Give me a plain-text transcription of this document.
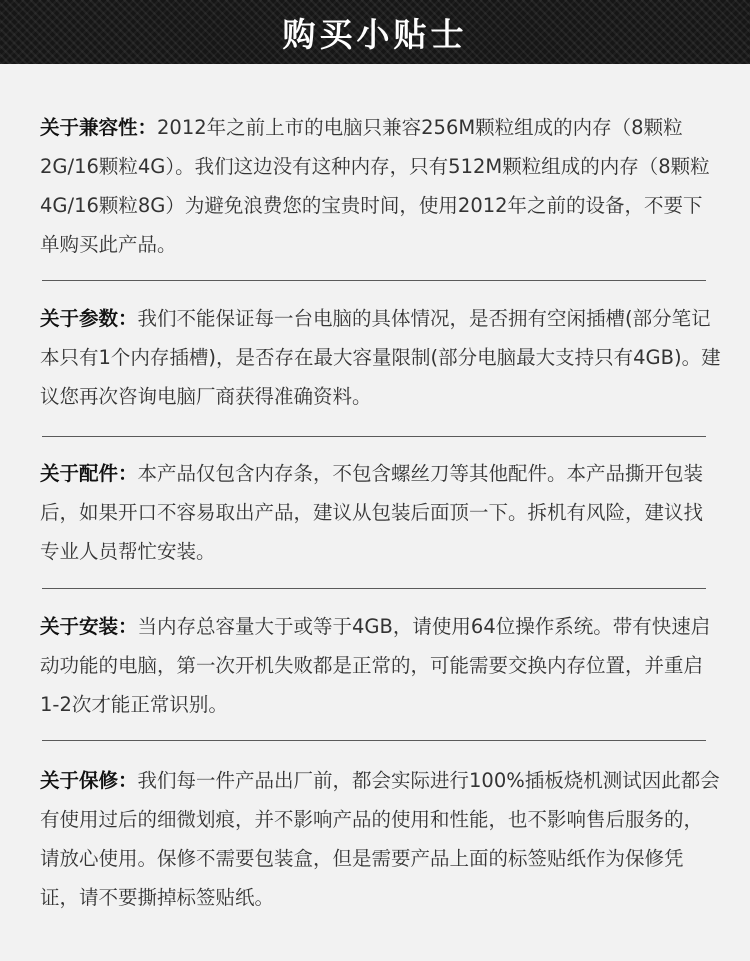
购买小贴士
关于兼容性：2012年之前上市的电脑只兼容256M颗粒组成的内存（8颗粒2G/16颗粒4G）。我们这边没有这种内存，只有512M颗粒组成的内存（8颗粒4G/16颗粒8G）为避免浪费您的宝贵时间，使用2012年之前的设备，不要下单购买此产品。
关于参数：我们不能保证每一台电脑的具体情况，是否拥有空闲插槽(部分笔记本只有1个内存插槽)，是否存在最大容量限制(部分电脑最大支持只有4GB)。建议您再次咨询电脑厂商获得准确资料。
关于配件：本产品仅包含内存条，不包含螺丝刀等其他配件。本产品撕开包装后，如果开口不容易取出产品，建议从包装后面顶一下。拆机有风险，建议找专业人员帮忙安装。
关于安装：当内存总容量大于或等于4GB，请使用64位操作系统。带有快速启动功能的电脑，第一次开机失败都是正常的，可能需要交换内存位置，并重启1-2次才能正常识别。
关于保修：我们每一件产品出厂前，都会实际进行100%插板烧机测试因此都会有使用过后的细微划痕，并不影响产品的使用和性能，也不影响售后服务的，请放心使用。保修不需要包装盒，但是需要产品上面的标签贴纸作为保修凭证，请不要撕掉标签贴纸。
